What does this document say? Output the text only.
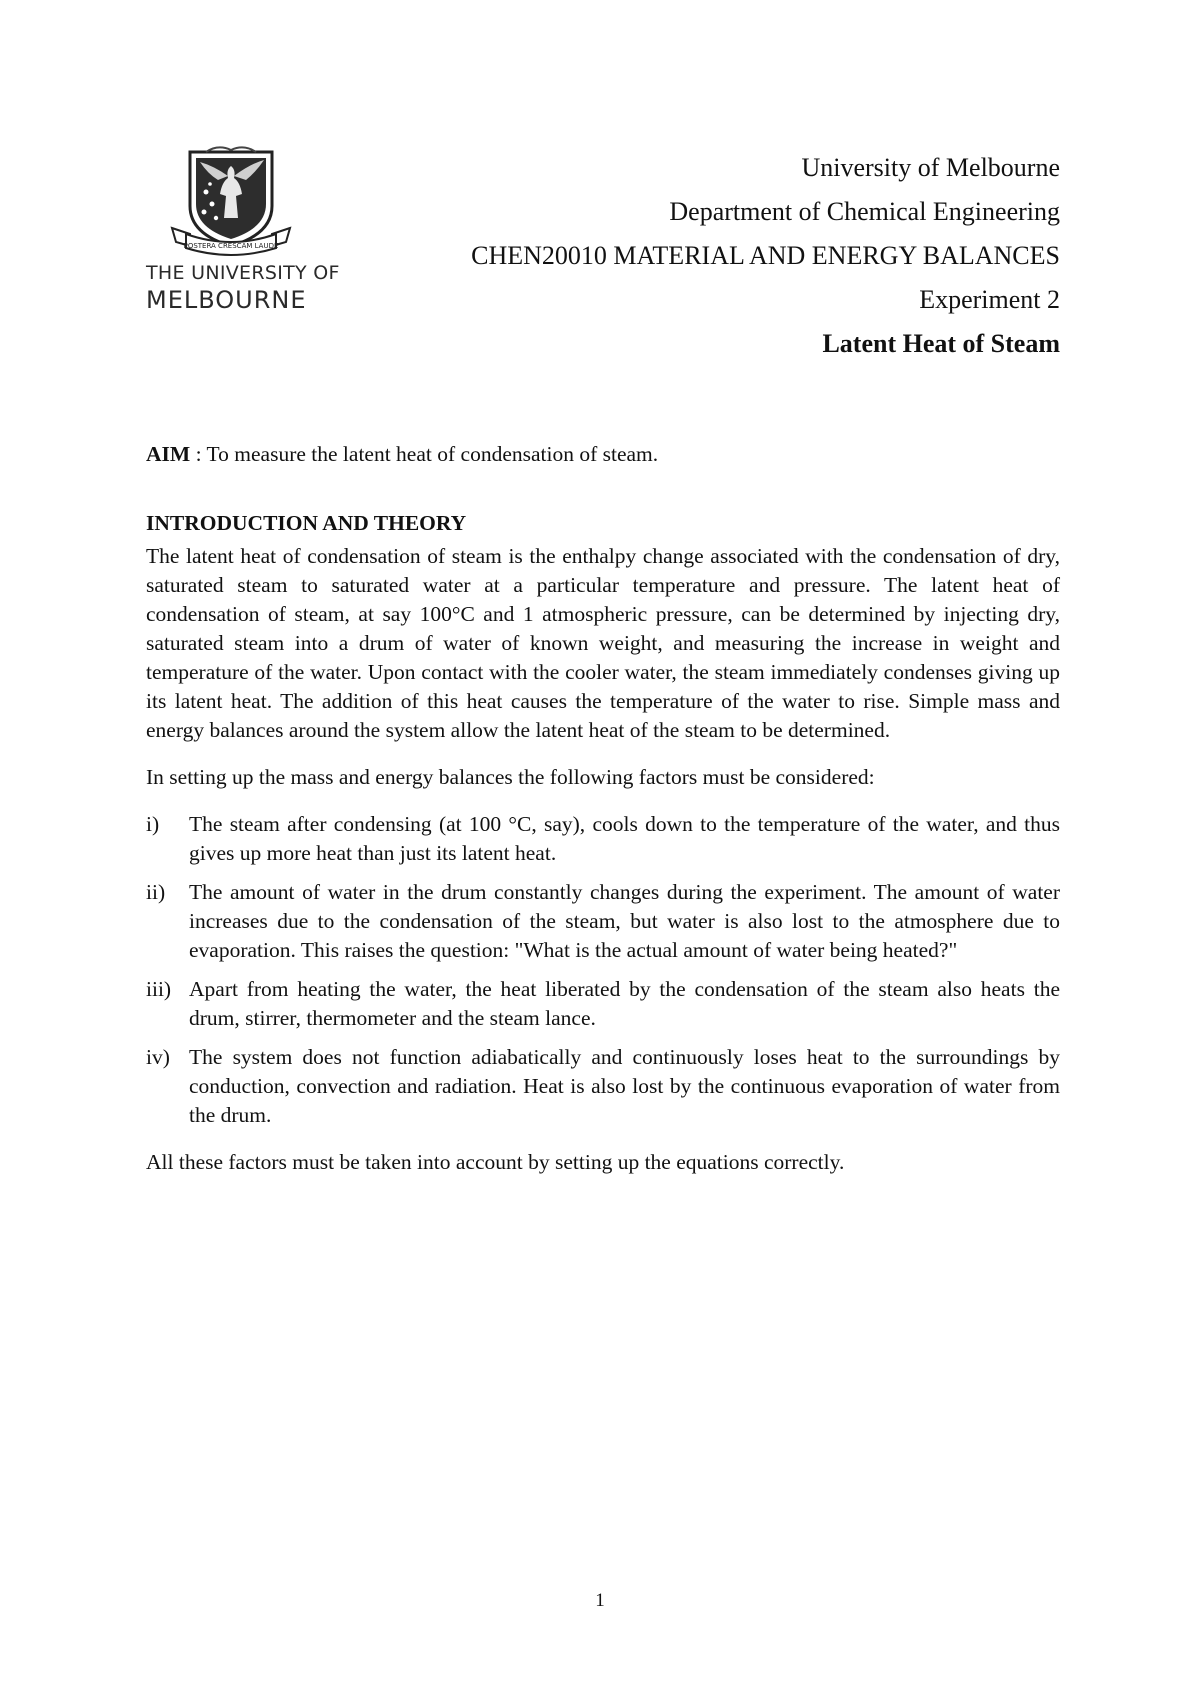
POSTERA CRESCAM LAUDE
THE UNIVERSITY OF
MELBOURNE
University of Melbourne
Department of Chemical Engineering
CHEN20010 MATERIAL AND ENERGY BALANCES
Experiment 2
Latent Heat of Steam

AIM : To measure the latent heat of condensation of steam.

INTRODUCTION AND THEORY

The latent heat of condensation of steam is the enthalpy change associated with the condensation of dry, saturated steam to saturated water at a particular temperature and pressure. The latent heat of condensation of steam, at say 100°C and 1 atmospheric pressure, can be determined by injecting dry, saturated steam into a drum of water of known weight, and measuring the increase in weight and temperature of the water. Upon contact with the cooler water, the steam immediately condenses giving up its latent heat. The addition of this heat causes the temperature of the water to rise. Simple mass and energy balances around the system allow the latent heat of the steam to be determined.

In setting up the mass and energy balances the following factors must be considered:

i)	The steam after condensing (at 100 °C, say), cools down to the temperature of the water, and thus gives up more heat than just its latent heat.
ii)	The amount of water in the drum constantly changes during the experiment. The amount of water increases due to the condensation of the steam, but water is also lost to the atmosphere due to evaporation. This raises the question: "What is the actual amount of water being heated?"
iii) Apart from heating the water, the heat liberated by the condensation of the steam also heats the drum, stirrer, thermometer and the steam lance.
iv) The system does not function adiabatically and continuously loses heat to the surroundings by conduction, convection and radiation. Heat is also lost by the continuous evaporation of water from the drum.

All these factors must be taken into account by setting up the equations correctly.

1
